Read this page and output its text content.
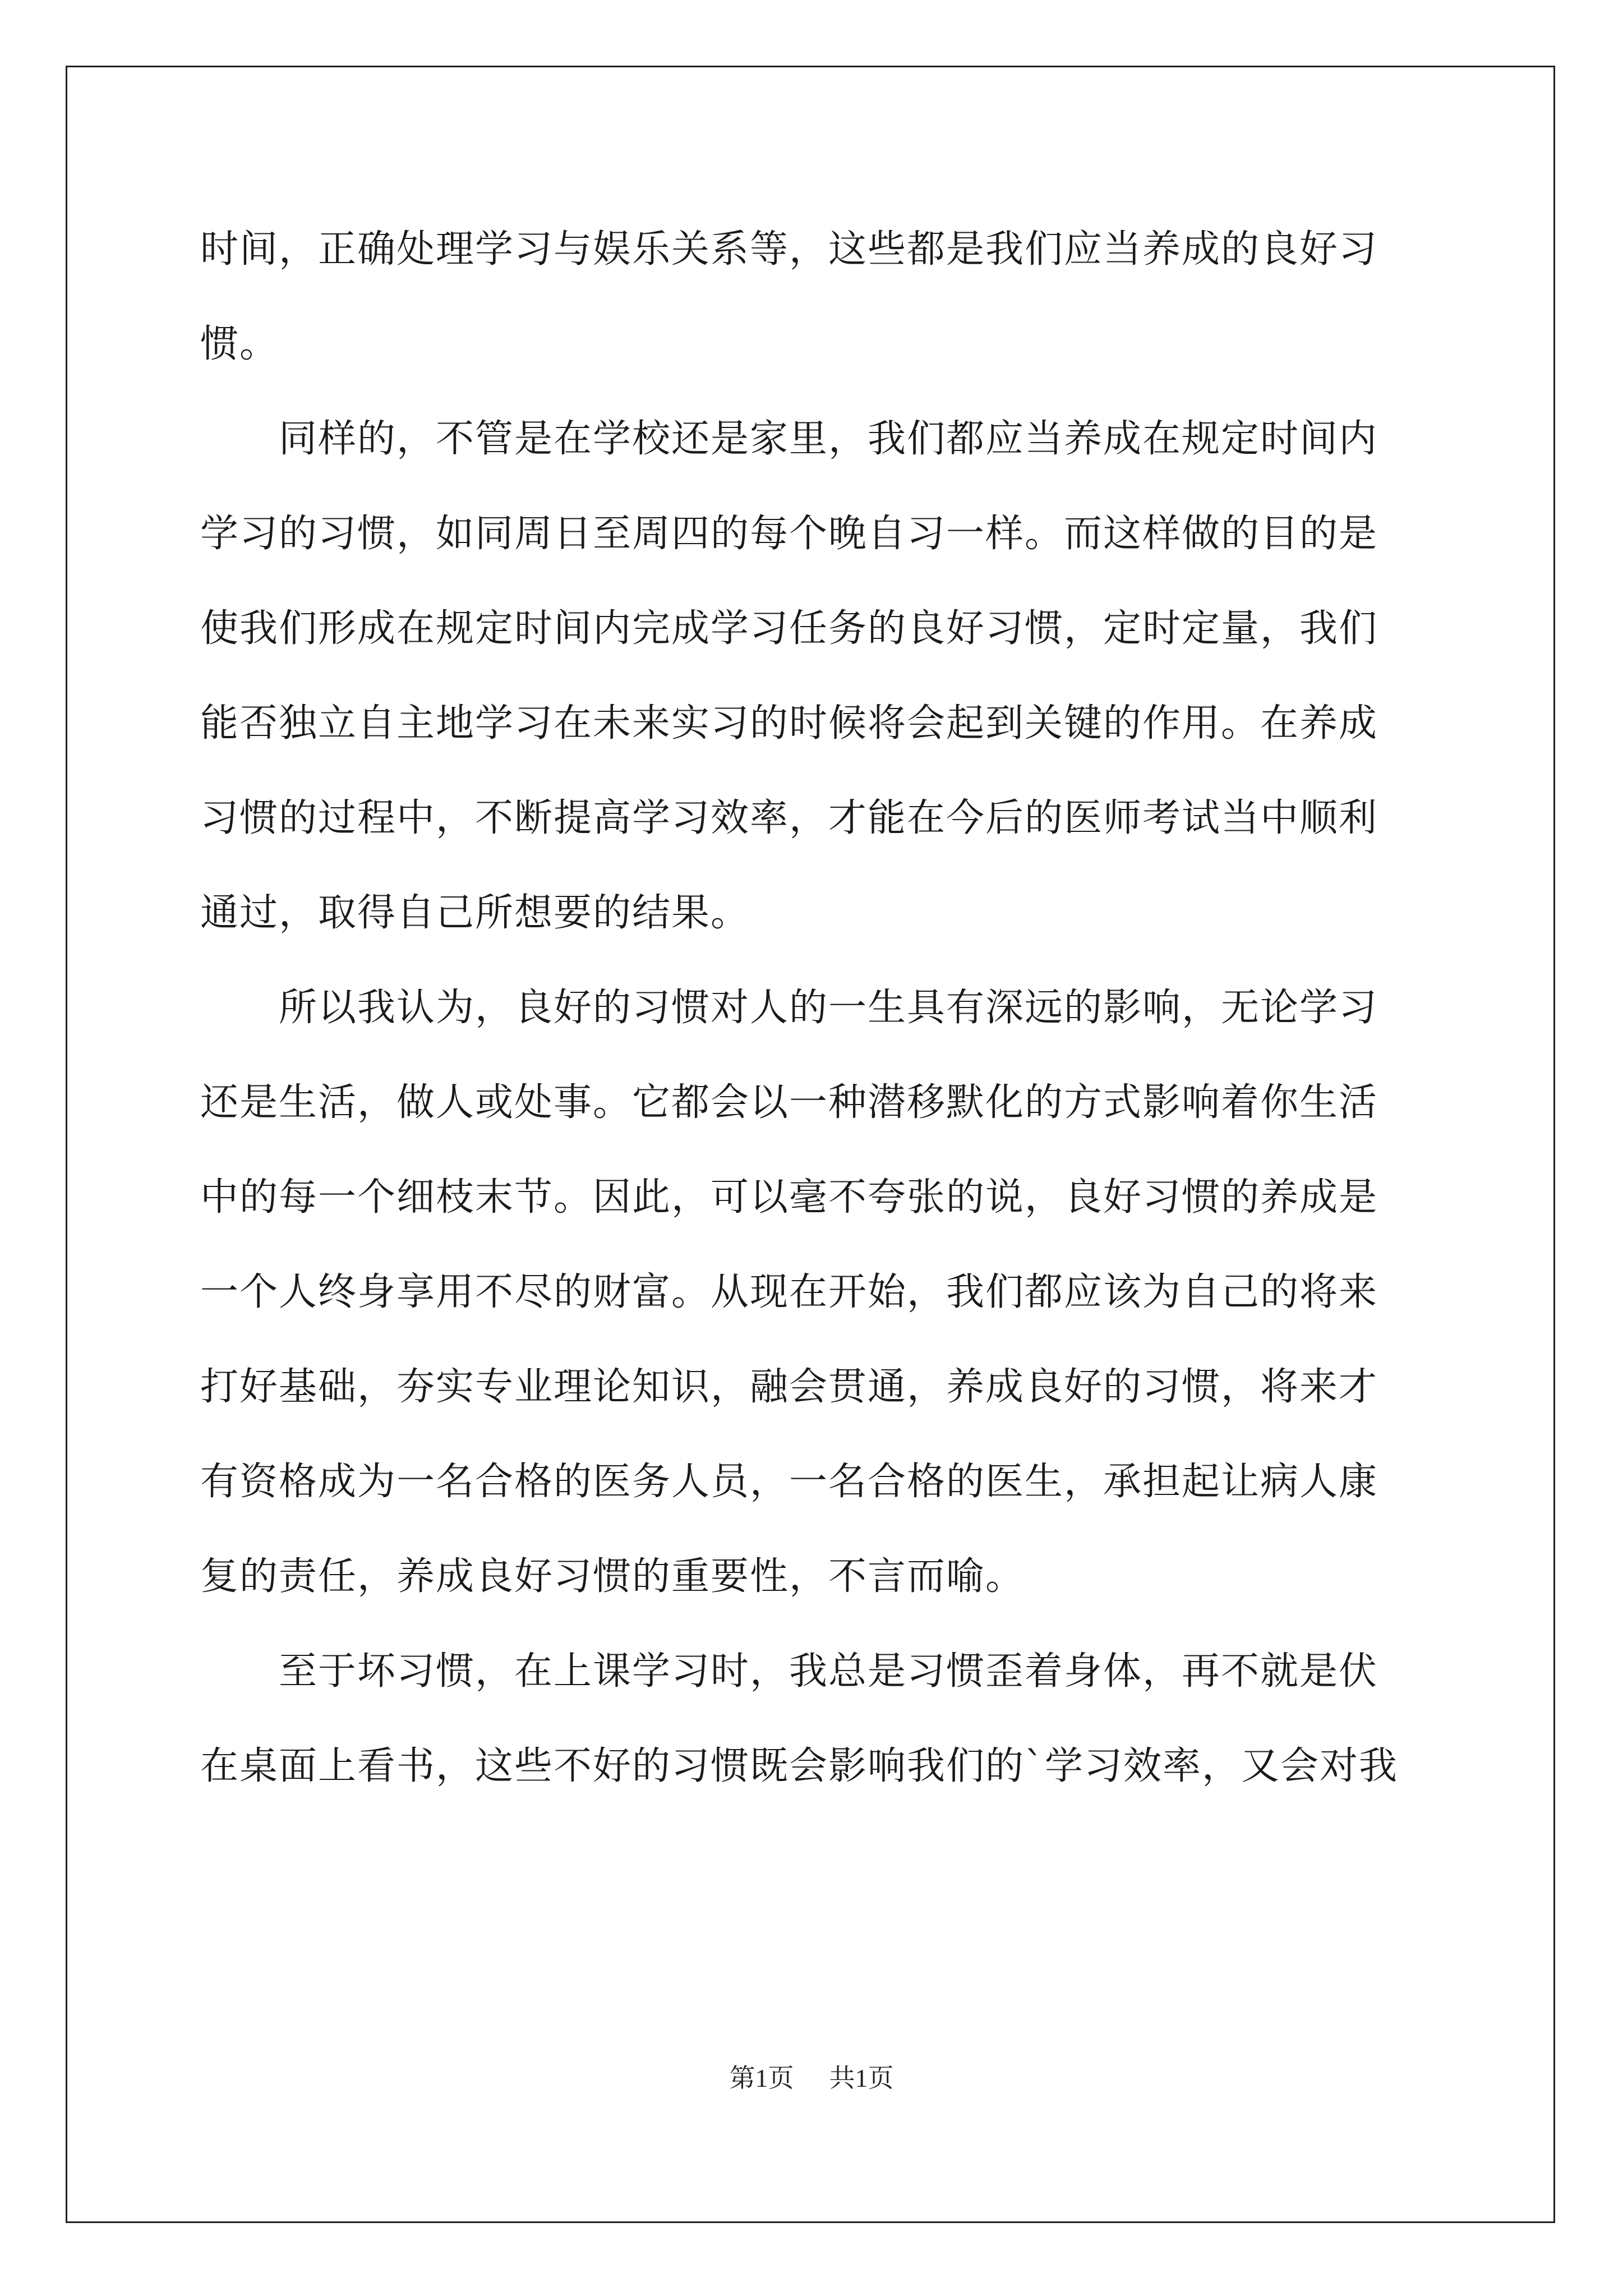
时间，正确处理学习与娱乐关系等，这些都是我们应当养成的良好习
惯。

　　同样的，不管是在学校还是家里，我们都应当养成在规定时间内
学习的习惯，如同周日至周四的每个晚自习一样。而这样做的目的是
使我们形成在规定时间内完成学习任务的良好习惯，定时定量，我们
能否独立自主地学习在未来实习的时候将会起到关键的作用。在养成
习惯的过程中，不断提高学习效率，才能在今后的医师考试当中顺利
通过，取得自己所想要的结果。

　　所以我认为，良好的习惯对人的一生具有深远的影响，无论学习
还是生活，做人或处事。它都会以一种潜移默化的方式影响着你生活
中的每一个细枝末节。因此，可以毫不夸张的说，良好习惯的养成是
一个人终身享用不尽的财富。从现在开始，我们都应该为自己的将来
打好基础，夯实专业理论知识，融会贯通，养成良好的习惯，将来才
有资格成为一名合格的医务人员，一名合格的医生，承担起让病人康
复的责任，养成良好习惯的重要性，不言而喻。

　　至于坏习惯，在上课学习时，我总是习惯歪着身体，再不就是伏
在桌面上看书，这些不好的习惯既会影响我们的`学习效率，又会对我

第1页 共1页
